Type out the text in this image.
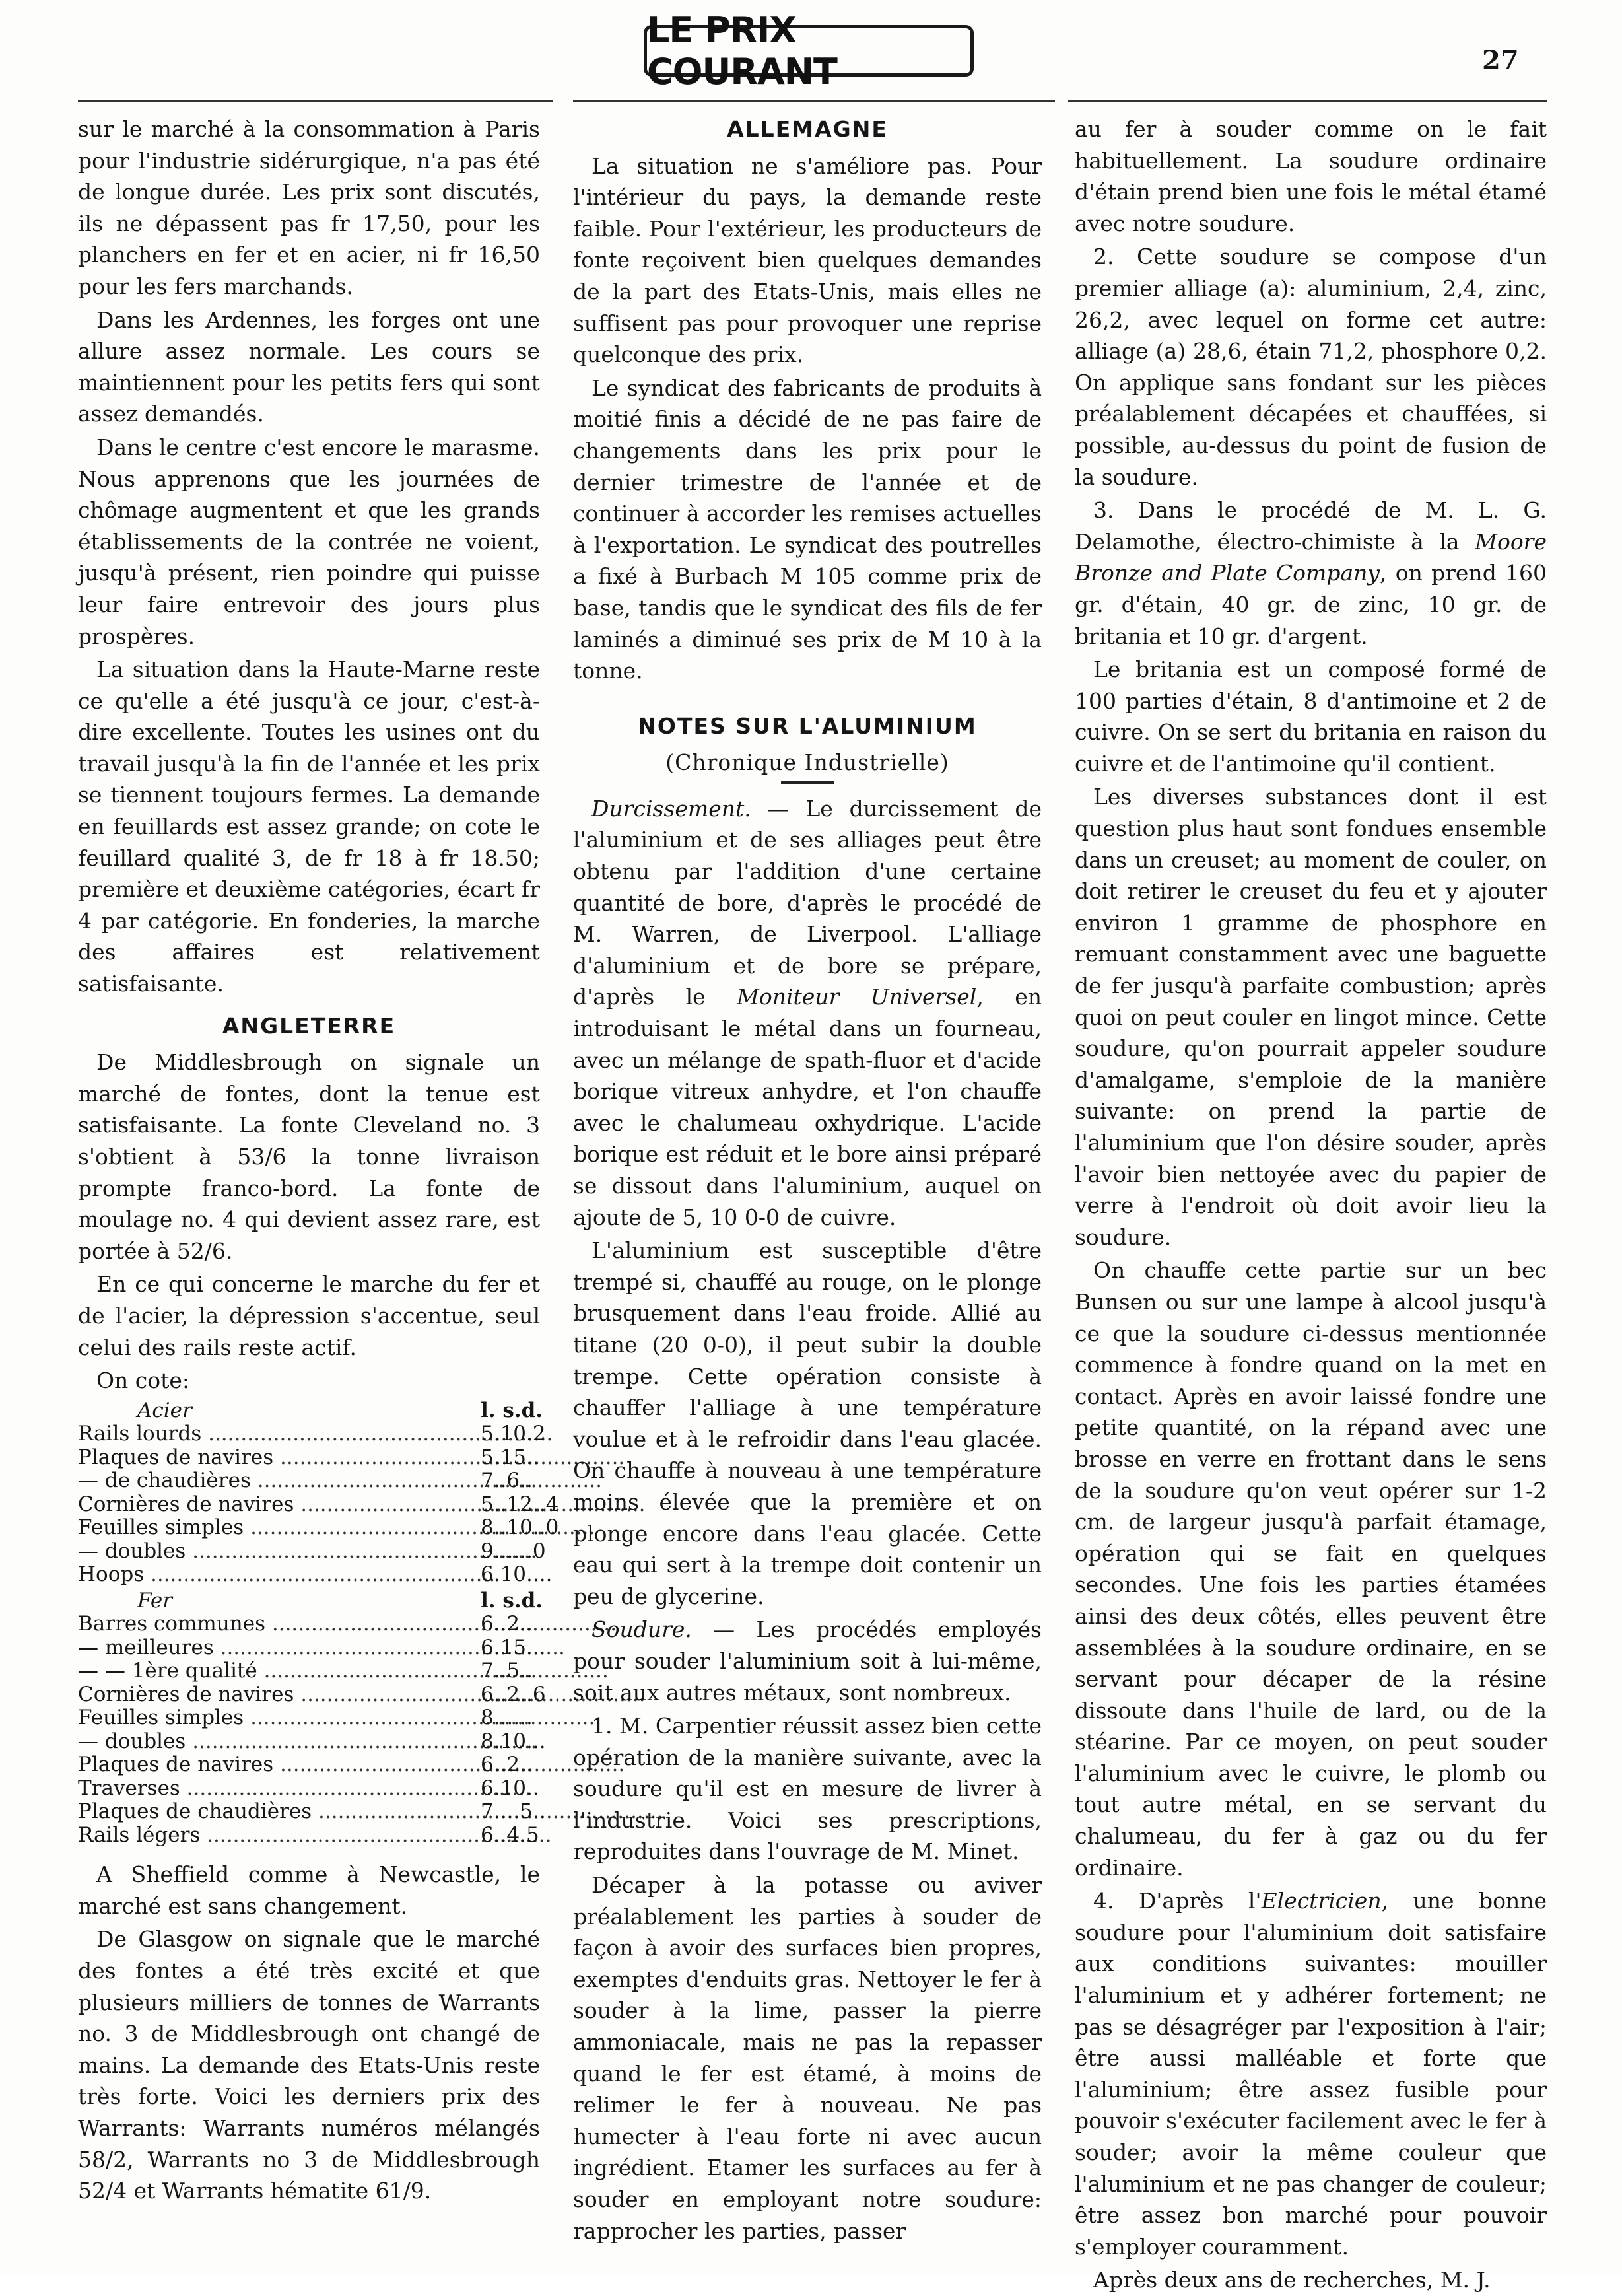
LE PRIX COURANT	27

sur le marché à la consommation à Paris pour l'industrie sidérurgique, n'a pas été de longue durée. Les prix sont discutés, ils ne dépassent pas fr 17,50, pour les planchers en fer et en acier, ni fr 16,50 pour les fers marchands.

Dans les Ardennes, les forges ont une allure assez normale. Les cours se maintiennent pour les petits fers qui sont assez demandés.

Dans le centre c'est encore le marasme. Nous apprenons que les journées de chômage augmentent et que les grands établissements de la contrée ne voient, jusqu'à présent, rien poindre qui puisse leur faire entrevoir des jours plus prospères.

La situation dans la Haute-Marne reste ce qu'elle a été jusqu'à ce jour, c'est-à-dire excellente. Toutes les usines ont du travail jusqu'à la fin de l'année et les prix se tiennent toujours fermes. La demande en feuillards est assez grande; on cote le feuillard qualité 3, de fr 18 à fr 18.50; première et deuxième catégories, écart fr 4 par catégorie. En fonderies, la marche des affaires est relativement satisfaisante.

ANGLETERRE

De Middlesbrough on signale un marché de fontes, dont la tenue est satisfaisante. La fonte Cleveland no. 3 s'obtient à 53/6 la tonne livraison prompte franco-bord. La fonte de moulage no. 4 qui devient assez rare, est portée à 52/6.

En ce qui concerne le marche du fer et de l'acier, la dépression s'accentue, seul celui des rails reste actif.

On cote:

Acier	l. s.d.
Rails lourds .....	5.10.2
Plaques de navires .....	5.15..
— de chaudières .....	7..6..
Cornières de navires .....	5..12..4
Feuilles simples .....	8..10..0
— doubles .....	9......0
Hoops .....	6.10....
Fer	l. s.d.
Barres communes .....	6..2..
— meilleures .....	6.15...
— — 1ère qualité .....	7..5..
Cornières de navires .....	6..2..6
Feuilles simples .....	8......
— doubles .....	8.10...
Plaques de navires .....	6..2..
Traverses .....	6.10..
Plaques de chaudières .....	7....5..
Rails légers .....	6..4.5

A Sheffield comme à Newcastle, le marché est sans changement.

De Glasgow on signale que le marché des fontes a été très excité et que plusieurs milliers de tonnes de Warrants no. 3 de Middlesbrough ont changé de mains. La demande des Etats-Unis reste très forte. Voici les derniers prix des Warrants: Warrants numéros mélangés 58/2, Warrants no 3 de Middlesbrough 52/4 et Warrants hématite 61/9.

ALLEMAGNE

La situation ne s'améliore pas. Pour l'intérieur du pays, la demande reste faible. Pour l'extérieur, les producteurs de fonte reçoivent bien quelques demandes de la part des Etats-Unis, mais elles ne suffisent pas pour provoquer une reprise quelconque des prix.

Le syndicat des fabricants de produits à moitié finis a décidé de ne pas faire de changements dans les prix pour le dernier trimestre de l'année et de continuer à accorder les remises actuelles à l'exportation. Le syndicat des poutrelles a fixé à Burbach M 105 comme prix de base, tandis que le syndicat des fils de fer laminés a diminué ses prix de M 10 à la tonne.

NOTES SUR L'ALUMINIUM
(Chronique Industrielle)

Durcissement. — Le durcissement de l'aluminium et de ses alliages peut être obtenu par l'addition d'une certaine quantité de bore, d'après le procédé de M. Warren, de Liverpool. L'alliage d'aluminium et de bore se prépare, d'après le Moniteur Universel, en introduisant le métal dans un fourneau, avec un mélange de spath-fluor et d'acide borique vitreux anhydre, et l'on chauffe avec le chalumeau oxhydrique. L'acide borique est réduit et le bore ainsi préparé se dissout dans l'aluminium, auquel on ajoute de 5, 10 0-0 de cuivre.

L'aluminium est susceptible d'être trempé si, chauffé au rouge, on le plonge brusquement dans l'eau froide. Allié au titane (20 0-0), il peut subir la double trempe. Cette opération consiste à chauffer l'alliage à une température voulue et à le refroidir dans l'eau glacée. On chauffe à nouveau à une température moins élevée que la première et on plonge encore dans l'eau glacée. Cette eau qui sert à la trempe doit contenir un peu de glycerine.

Soudure. — Les procédés employés pour souder l'aluminium soit à lui-même, soit aux autres métaux, sont nombreux.

1. M. Carpentier réussit assez bien cette opération de la manière suivante, avec la soudure qu'il est en mesure de livrer à l'industrie. Voici ses prescriptions, reproduites dans l'ouvrage de M. Minet.

Décaper à la potasse ou aviver préalablement les parties à souder de façon à avoir des surfaces bien propres, exemptes d'enduits gras. Nettoyer le fer à souder à la lime, passer la pierre ammoniacale, mais ne pas la repasser quand le fer est étamé, à moins de relimer le fer à nouveau. Ne pas humecter à l'eau forte ni avec aucun ingrédient. Etamer les surfaces au fer à souder en employant notre soudure: rapprocher les parties, passer

au fer à souder comme on le fait habituellement. La soudure ordinaire d'étain prend bien une fois le métal étamé avec notre soudure.

2. Cette soudure se compose d'un premier alliage (a): aluminium, 2,4, zinc, 26,2, avec lequel on forme cet autre: alliage (a) 28,6, étain 71,2, phosphore 0,2. On applique sans fondant sur les pièces préalablement décapées et chauffées, si possible, au-dessus du point de fusion de la soudure.

3. Dans le procédé de M. L. G. Delamothe, électro-chimiste à la Moore Bronze and Plate Company, on prend 160 gr. d'étain, 40 gr. de zinc, 10 gr. de britania et 10 gr. d'argent.

Le britania est un composé formé de 100 parties d'étain, 8 d'antimoine et 2 de cuivre. On se sert du britania en raison du cuivre et de l'antimoine qu'il contient.

Les diverses substances dont il est question plus haut sont fondues ensemble dans un creuset; au moment de couler, on doit retirer le creuset du feu et y ajouter environ 1 gramme de phosphore en remuant constamment avec une baguette de fer jusqu'à parfaite combustion; après quoi on peut couler en lingot mince. Cette soudure, qu'on pourrait appeler soudure d'amalgame, s'emploie de la manière suivante: on prend la partie de l'aluminium que l'on désire souder, après l'avoir bien nettoyée avec du papier de verre à l'endroit où doit avoir lieu la soudure.

On chauffe cette partie sur un bec Bunsen ou sur une lampe à alcool jusqu'à ce que la soudure ci-dessus mentionnée commence à fondre quand on la met en contact. Après en avoir laissé fondre une petite quantité, on la répand avec une brosse en verre en frottant dans le sens de la soudure qu'on veut opérer sur 1-2 cm. de largeur jusqu'à parfait étamage, opération qui se fait en quelques secondes. Une fois les parties étamées ainsi des deux côtés, elles peuvent être assemblées à la soudure ordinaire, en se servant pour décaper de la résine dissoute dans l'huile de lard, ou de la stéarine. Par ce moyen, on peut souder l'aluminium avec le cuivre, le plomb ou tout autre métal, en se servant du chalumeau, du fer à gaz ou du fer ordinaire.

4. D'après l'Electricien, une bonne soudure pour l'aluminium doit satisfaire aux conditions suivantes: mouiller l'aluminium et y adhérer fortement; ne pas se désagréger par l'exposition à l'air; être aussi malléable et forte que l'aluminium; être assez fusible pour pouvoir s'exécuter facilement avec le fer à souder; avoir la même couleur que l'aluminium et ne pas changer de couleur; être assez bon marché pour pouvoir s'employer couramment.

Après deux ans de recherches, M. J.
